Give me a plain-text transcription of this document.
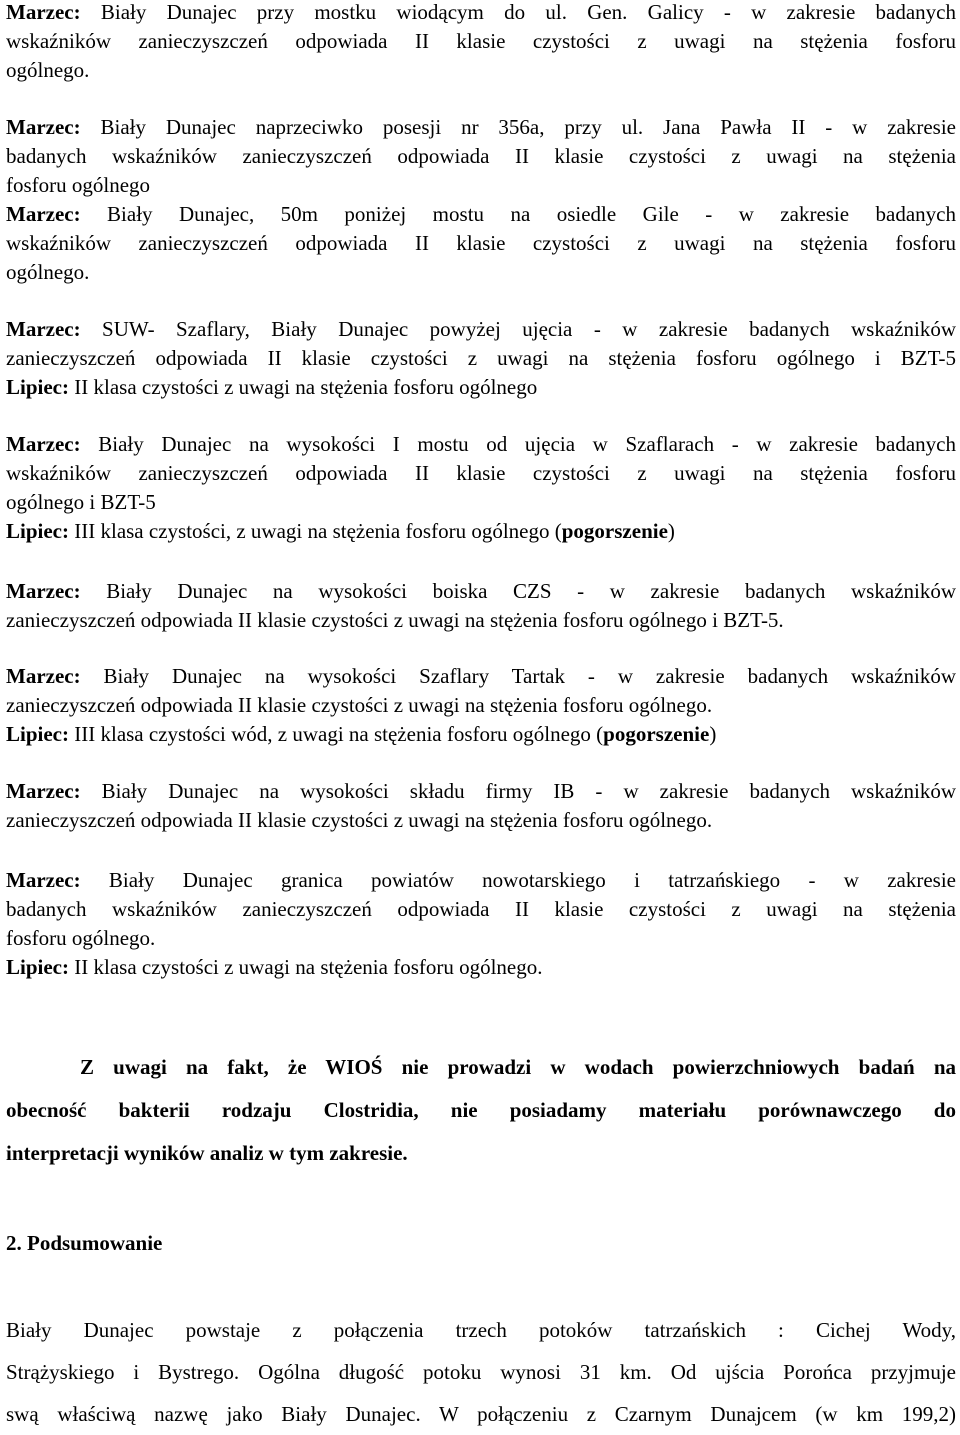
Marzec: Biały Dunajec przy mostku wiodącym do ul. Gen. Galicy - w zakresie badanych
wskaźników zanieczyszczeń odpowiada II klasie czystości z uwagi na stężenia fosforu
ogólnego.
Marzec: Biały Dunajec naprzeciwko posesji nr 356a, przy ul. Jana Pawła II - w zakresie
badanych wskaźników zanieczyszczeń odpowiada II klasie czystości z uwagi na stężenia
fosforu ogólnego
Marzec: Biały Dunajec, 50m poniżej mostu na osiedle Gile - w zakresie badanych
wskaźników zanieczyszczeń odpowiada II klasie czystości z uwagi na stężenia fosforu
ogólnego.
Marzec: SUW- Szaflary, Biały Dunajec powyżej ujęcia - w zakresie badanych wskaźników
zanieczyszczeń odpowiada II klasie czystości z uwagi na stężenia fosforu ogólnego i BZT-5
Lipiec: II klasa czystości z uwagi na stężenia fosforu ogólnego
Marzec: Biały Dunajec na wysokości I mostu od ujęcia w Szaflarach - w zakresie badanych
wskaźników zanieczyszczeń odpowiada II klasie czystości z uwagi na stężenia fosforu
ogólnego i BZT-5
Lipiec: III klasa czystości, z uwagi na stężenia fosforu ogólnego (pogorszenie)
Marzec: Biały Dunajec na wysokości boiska CZS - w zakresie badanych wskaźników
zanieczyszczeń odpowiada II klasie czystości z uwagi na stężenia fosforu ogólnego i BZT-5.
Marzec: Biały Dunajec na wysokości Szaflary Tartak - w zakresie badanych wskaźników
zanieczyszczeń odpowiada II klasie czystości z uwagi na stężenia fosforu ogólnego.
Lipiec: III klasa czystości wód, z uwagi na stężenia fosforu ogólnego (pogorszenie)
Marzec: Biały Dunajec na wysokości składu firmy IB - w zakresie badanych wskaźników
zanieczyszczeń odpowiada II klasie czystości z uwagi na stężenia fosforu ogólnego.
Marzec: Biały Dunajec granica powiatów nowotarskiego i tatrzańskiego - w zakresie
badanych wskaźników zanieczyszczeń odpowiada II klasie czystości z uwagi na stężenia
fosforu ogólnego.
Lipiec: II klasa czystości z uwagi na stężenia fosforu ogólnego.
Z uwagi na fakt, że WIOŚ nie prowadzi w wodach powierzchniowych badań na
obecność bakterii rodzaju Clostridia, nie posiadamy materiału porównawczego do
interpretacji wyników analiz w tym zakresie.
2. Podsumowanie
Biały Dunajec powstaje z połączenia trzech potoków tatrzańskich : Cichej Wody,
Strążyskiego i Bystrego. Ogólna długość potoku wynosi 31 km. Od ujścia Porońca przyjmuje
swą właściwą nazwę jako Biały Dunajec. W połączeniu z Czarnym Dunajcem (w km 199,2)
